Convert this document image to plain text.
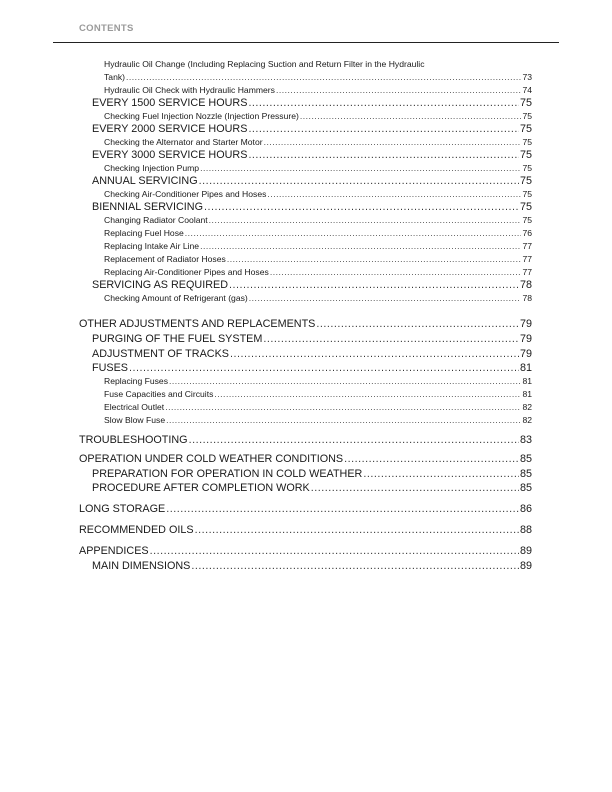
CONTENTS
Hydraulic Oil Change (Including Replacing Suction and Return Filter in the Hydraulic
Tank) .....	73
Hydraulic Oil Check with Hydraulic Hammers .....	74
EVERY 1500 SERVICE HOURS .....	75
Checking Fuel Injection Nozzle (Injection Pressure) .....	75
EVERY 2000 SERVICE HOURS .....	75
Checking the Alternator and Starter Motor .....	75
EVERY 3000 SERVICE HOURS .....	75
Checking Injection Pump .....	75
ANNUAL SERVICING .....	75
Checking Air-Conditioner Pipes and Hoses .....	75
BIENNIAL SERVICING .....	75
Changing Radiator Coolant .....	75
Replacing Fuel Hose .....	76
Replacing Intake Air Line .....	77
Replacement of Radiator Hoses .....	77
Replacing Air-Conditioner Pipes and Hoses .....	77
SERVICING AS REQUIRED .....	78
Checking Amount of Refrigerant (gas) .....	78
OTHER ADJUSTMENTS AND REPLACEMENTS .....	79
PURGING OF THE FUEL SYSTEM .....	79
ADJUSTMENT OF TRACKS .....	79
FUSES .....	81
Replacing Fuses .....	81
Fuse Capacities and Circuits .....	81
Electrical Outlet .....	82
Slow Blow Fuse .....	82
TROUBLESHOOTING .....	83
OPERATION UNDER COLD WEATHER CONDITIONS .....	85
PREPARATION FOR OPERATION IN COLD WEATHER .....	85
PROCEDURE AFTER COMPLETION WORK .....	85
LONG STORAGE .....	86
RECOMMENDED OILS .....	88
APPENDICES .....	89
MAIN DIMENSIONS .....	89
